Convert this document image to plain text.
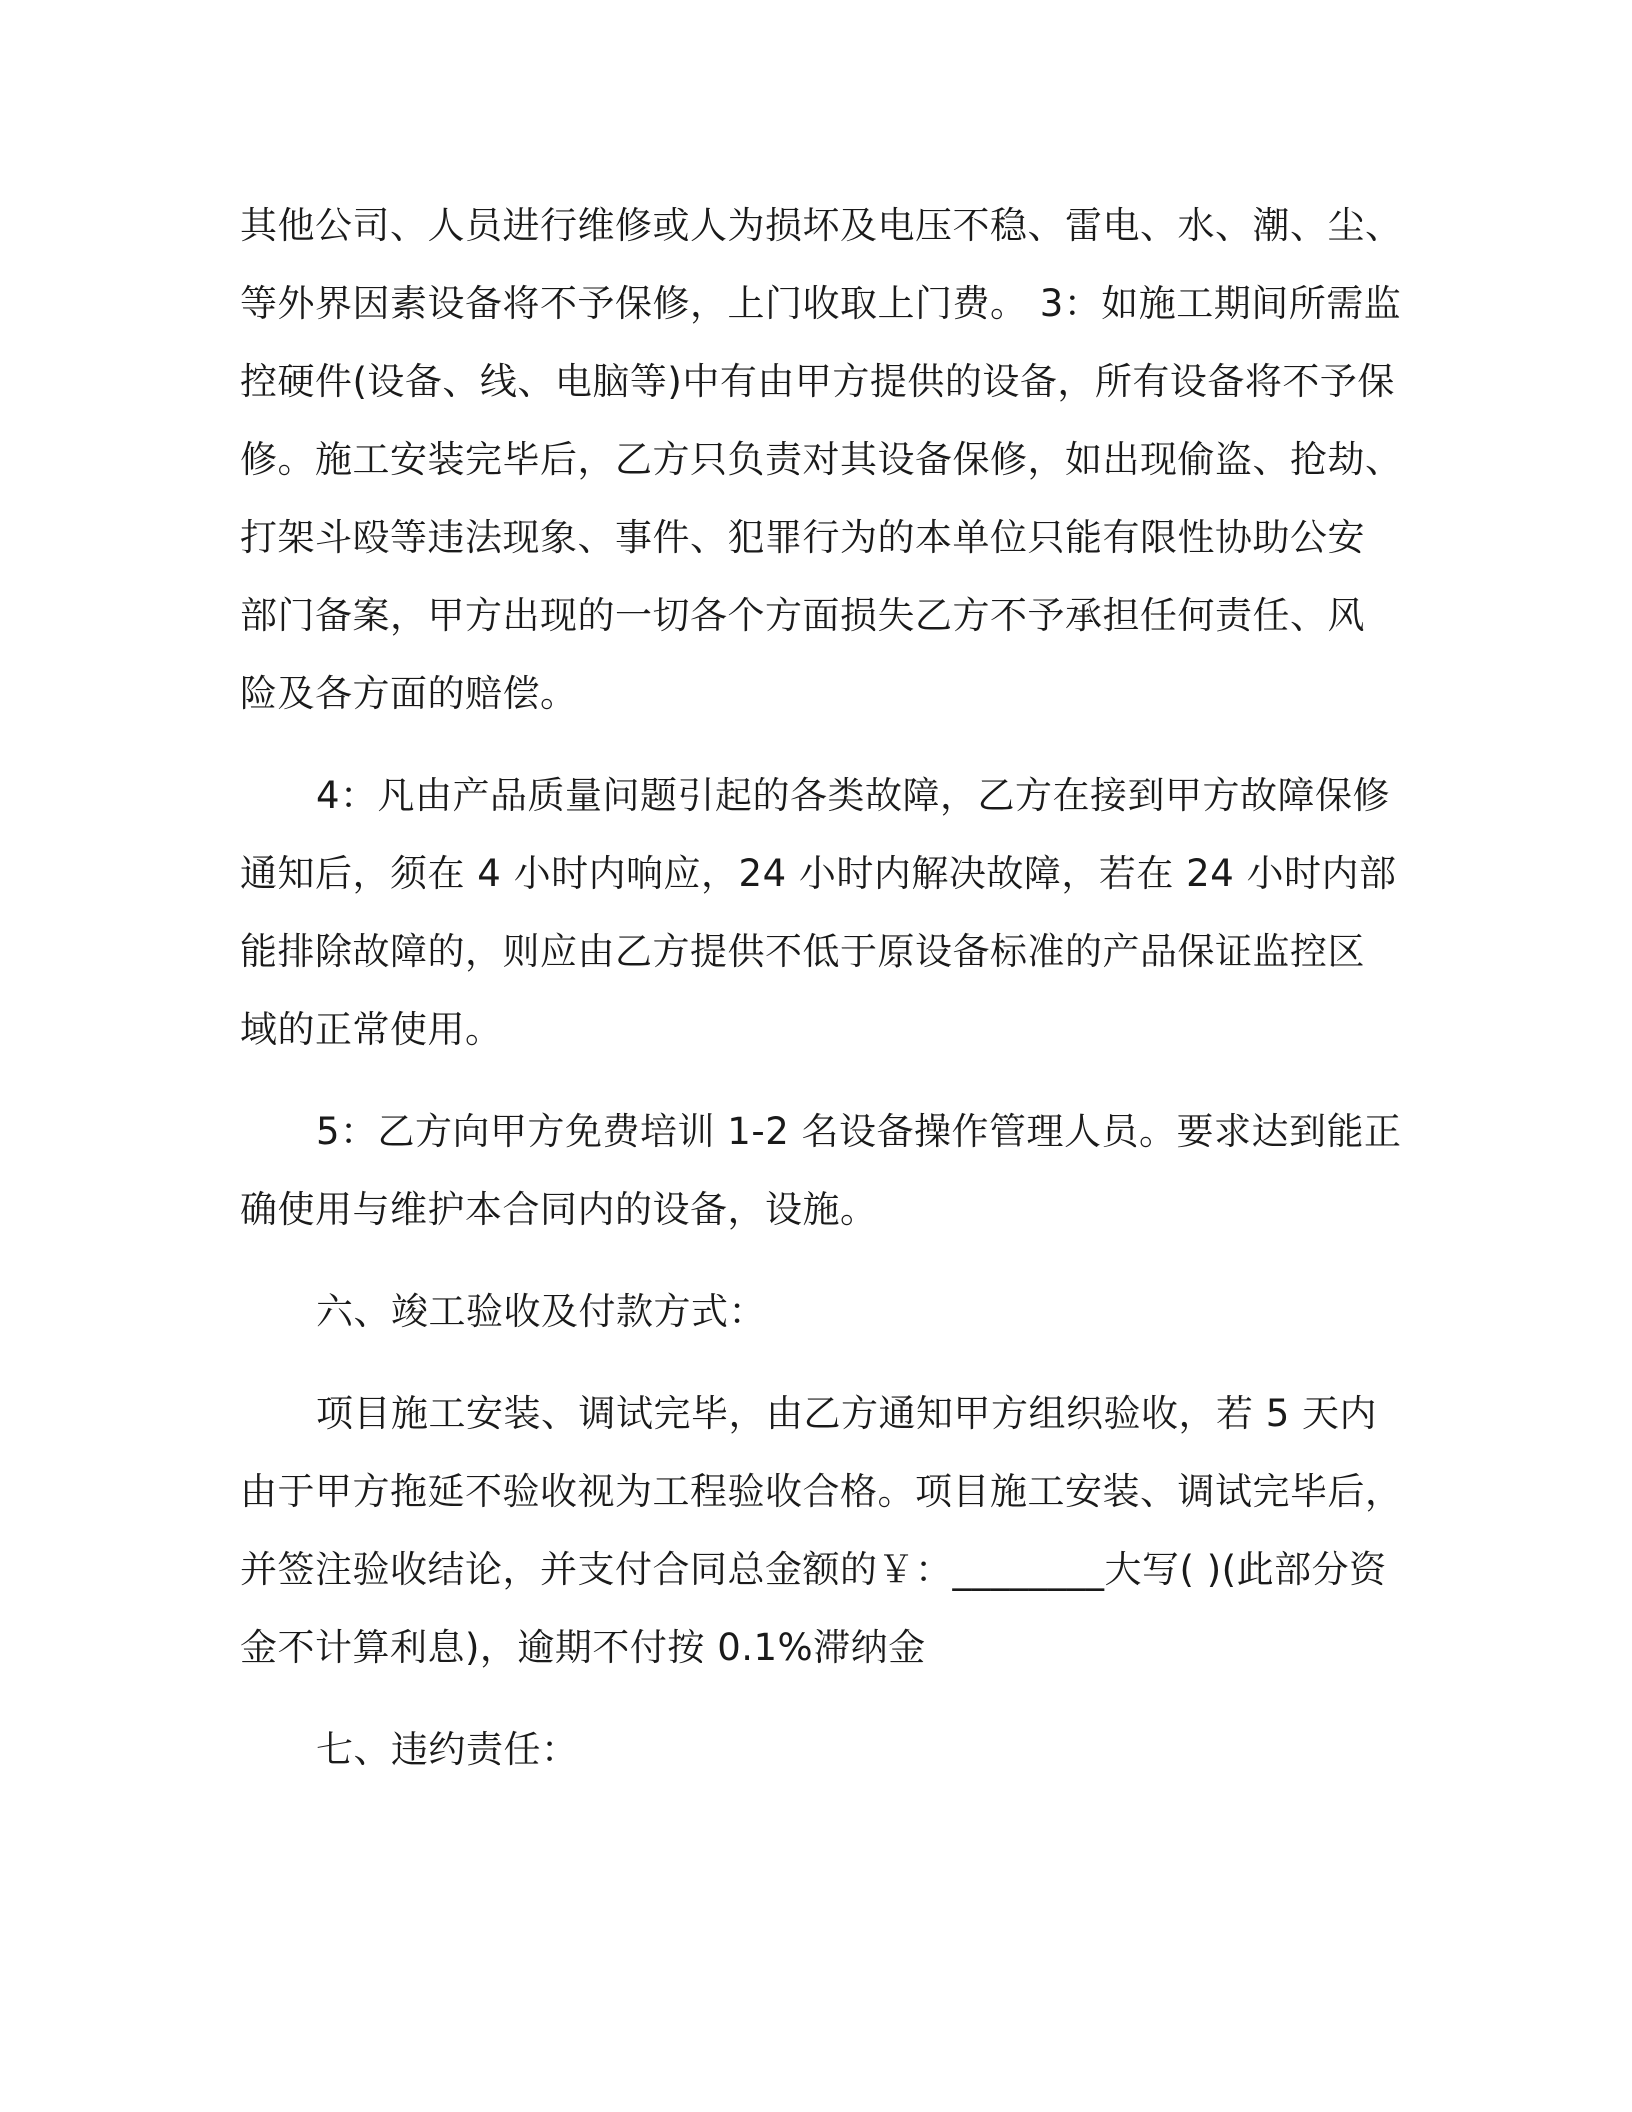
其他公司、人员进行维修或人为损坏及电压不稳、雷电、水、潮、尘、
等外界因素设备将不予保修，上门收取上门费。 3：如施工期间所需监
控硬件(设备、线、电脑等)中有由甲方提供的设备，所有设备将不予保
修。施工安装完毕后，乙方只负责对其设备保修，如出现偷盗、抢劫、
打架斗殴等违法现象、事件、犯罪行为的本单位只能有限性协助公安
部门备案，甲方出现的一切各个方面损失乙方不予承担任何责任、风
险及各方面的赔偿。

4：凡由产品质量问题引起的各类故障，乙方在接到甲方故障保修
通知后，须在 4 小时内响应，24 小时内解决故障，若在 24 小时内部
能排除故障的，则应由乙方提供不低于原设备标准的产品保证监控区
域的正常使用。

5：乙方向甲方免费培训 1-2 名设备操作管理人员。要求达到能正
确使用与维护本合同内的设备，设施。

六、竣工验收及付款方式：

项目施工安装、调试完毕，由乙方通知甲方组织验收，若 5 天内
由于甲方拖延不验收视为工程验收合格。项目施工安装、调试完毕后，
并签注验收结论，并支付合同总金额的￥：________大写( )(此部分资
金不计算利息)，逾期不付按 0.1%滞纳金

七、违约责任：
